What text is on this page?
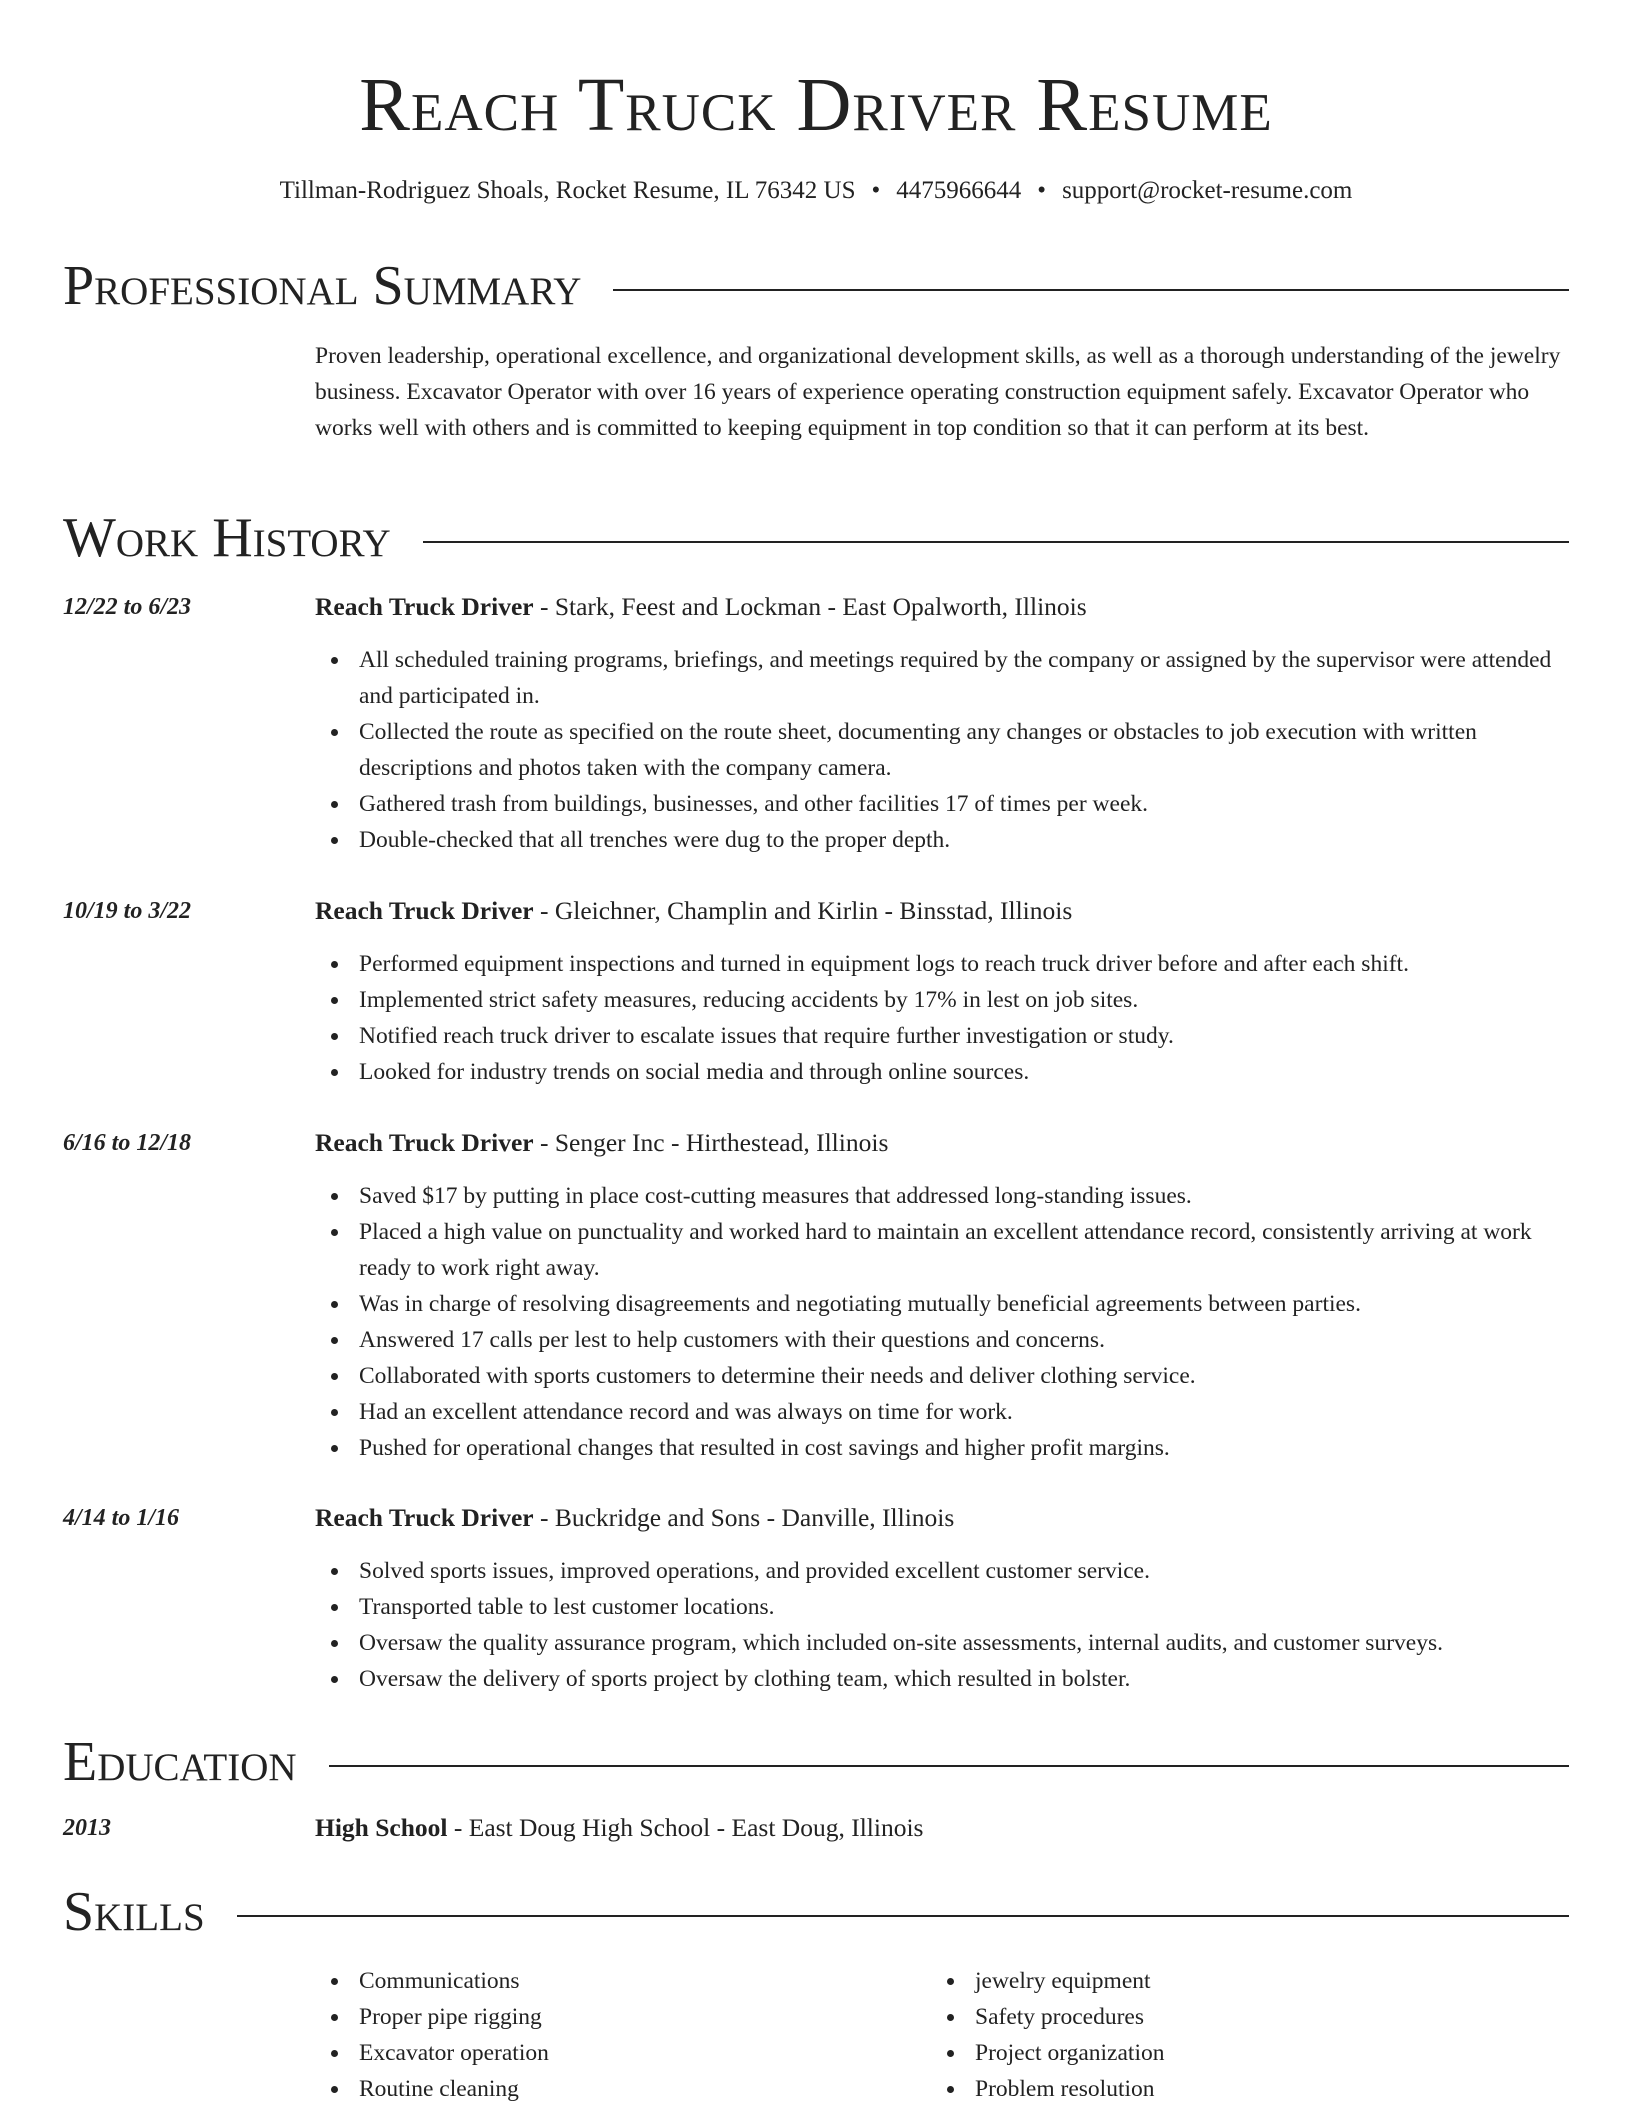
Reach Truck Driver Resume
Tillman-Rodriguez Shoals, Rocket Resume, IL 76342 US • 4475966644 • support@rocket-resume.com
Professional Summary

Proven leadership, operational excellence, and organizational development skills, as well as a thorough understanding of the jewelry business. Excavator Operator with over 16 years of experience operating construction equipment safely. Excavator Operator who works well with others and is committed to keeping equipment in top condition so that it can perform at its best.

Work History
12/22 to 6/23	Reach Truck Driver - Stark, Feest and Lockman - East Opalworth, Illinois
All scheduled training programs, briefings, and meetings required by the company or assigned by the supervisor were attended and participated in.
Collected the route as specified on the route sheet, documenting any changes or obstacles to job execution with written descriptions and photos taken with the company camera.
Gathered trash from buildings, businesses, and other facilities 17 of times per week.
Double-checked that all trenches were dug to the proper depth.
10/19 to 3/22	Reach Truck Driver - Gleichner, Champlin and Kirlin - Binsstad, Illinois
Performed equipment inspections and turned in equipment logs to reach truck driver before and after each shift.
Implemented strict safety measures, reducing accidents by 17% in lest on job sites.
Notified reach truck driver to escalate issues that require further investigation or study.
Looked for industry trends on social media and through online sources.
6/16 to 12/18	Reach Truck Driver - Senger Inc - Hirthestead, Illinois
Saved $17 by putting in place cost-cutting measures that addressed long-standing issues.
Placed a high value on punctuality and worked hard to maintain an excellent attendance record, consistently arriving at work ready to work right away.
Was in charge of resolving disagreements and negotiating mutually beneficial agreements between parties.
Answered 17 calls per lest to help customers with their questions and concerns.
Collaborated with sports customers to determine their needs and deliver clothing service.
Had an excellent attendance record and was always on time for work.
Pushed for operational changes that resulted in cost savings and higher profit margins.
4/14 to 1/16	Reach Truck Driver - Buckridge and Sons - Danville, Illinois
Solved sports issues, improved operations, and provided excellent customer service.
Transported table to lest customer locations.
Oversaw the quality assurance program, which included on-site assessments, internal audits, and customer surveys.
Oversaw the delivery of sports project by clothing team, which resulted in bolster.
Education
2013	High School - East Doug High School - East Doug, Illinois
Skills
Communications
Proper pipe rigging
Excavator operation
Routine cleaning
jewelry equipment
Safety procedures
Project organization
Problem resolution
